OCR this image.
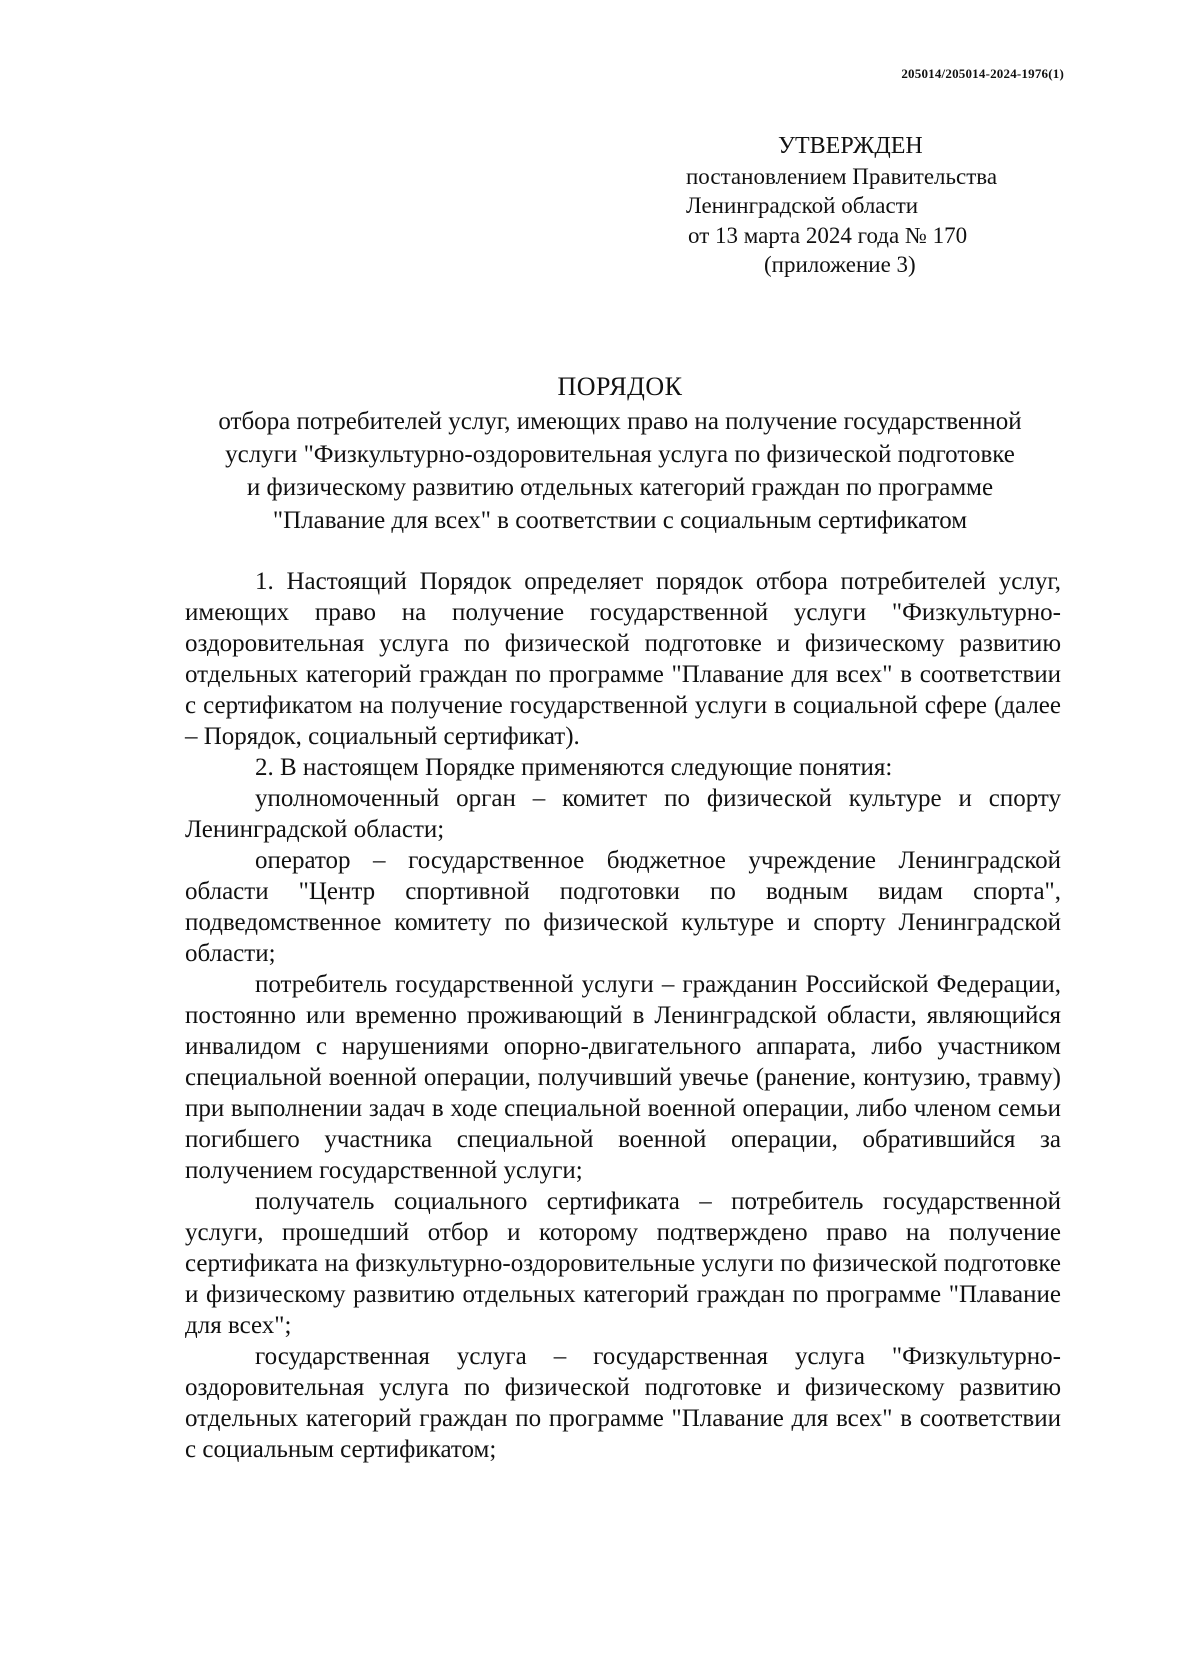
205014/205014-2024-1976(1)
УТВЕРЖДЕН
постановлением Правительства
Ленинградской области
от 13 марта 2024 года № 170
(приложение 3)
ПОРЯДОК
отбора потребителей услуг, имеющих право на получение государственной
услуги "Физкультурно-оздоровительная услуга по физической подготовке
и физическому развитию отдельных категорий граждан по программе
"Плавание для всех" в соответствии с социальным сертификатом

1. Настоящий Порядок определяет порядок отбора потребителей услуг, имеющих право на получение государственной услуги "Физкультурно-оздоровительная услуга по физической подготовке и физическому развитию отдельных категорий граждан по программе "Плавание для всех" в соответствии с сертификатом на получение государственной услуги в социальной сфере (далее – Порядок, социальный сертификат).

2. В настоящем Порядке применяются следующие понятия:

уполномоченный орган – комитет по физической культуре и спорту Ленинградской области;

оператор – государственное бюджетное учреждение Ленинградской области "Центр спортивной подготовки по водным видам спорта", подведомственное комитету по физической культуре и спорту Ленинградской области;

потребитель государственной услуги – гражданин Российской Федерации, постоянно или временно проживающий в Ленинградской области, являющийся инвалидом с нарушениями опорно-двигательного аппарата, либо участником специальной военной операции, получивший увечье (ранение, контузию, травму) при выполнении задач в ходе специальной военной операции, либо членом семьи погибшего участника специальной военной операции, обратившийся за получением государственной услуги;

получатель социального сертификата – потребитель государственной услуги, прошедший отбор и которому подтверждено право на получение сертификата на физкультурно-оздоровительные услуги по физической подготовке и физическому развитию отдельных категорий граждан по программе "Плавание для всех";

государственная услуга – государственная услуга "Физкультурно-оздоровительная услуга по физической подготовке и физическому развитию отдельных категорий граждан по программе "Плавание для всех" в соответствии с социальным сертификатом;
